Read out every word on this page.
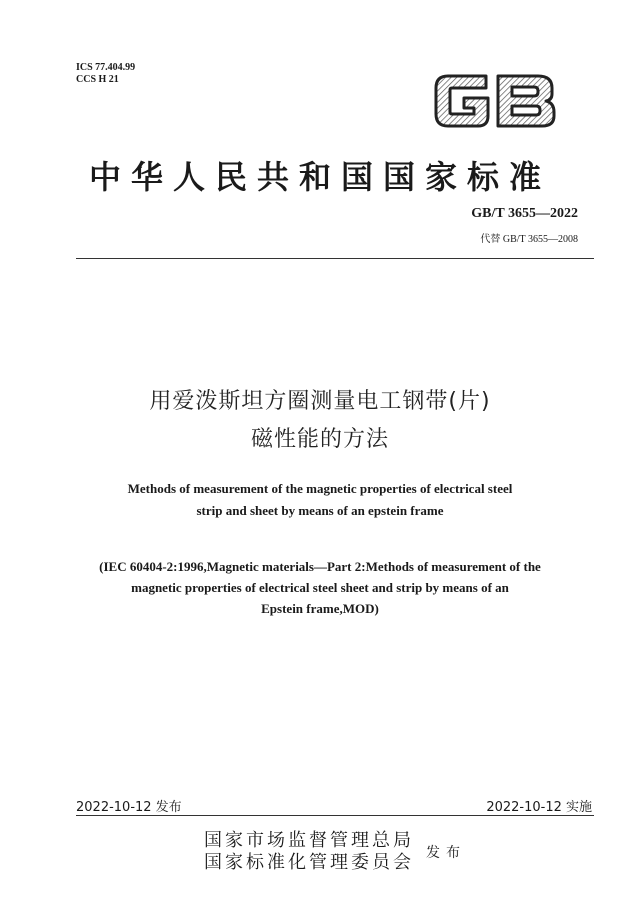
ICS 77.404.99
CCS H 21
中华人民共和国国家标准
GB/T 3655—2022
代替 GB/T 3655—2008
用爱泼斯坦方圈测量电工钢带(片)
磁性能的方法
Methods of measurement of the magnetic properties of electrical steel
strip and sheet by means of an epstein frame
(IEC 60404-2:1996,Magnetic materials—Part 2:Methods of measurement of the
magnetic properties of electrical steel sheet and strip by means of an
Epstein frame,MOD)
2022-10-12 发布	2022-10-12 实施
国家市场监督管理总局
国家标准化管理委员会 发布
